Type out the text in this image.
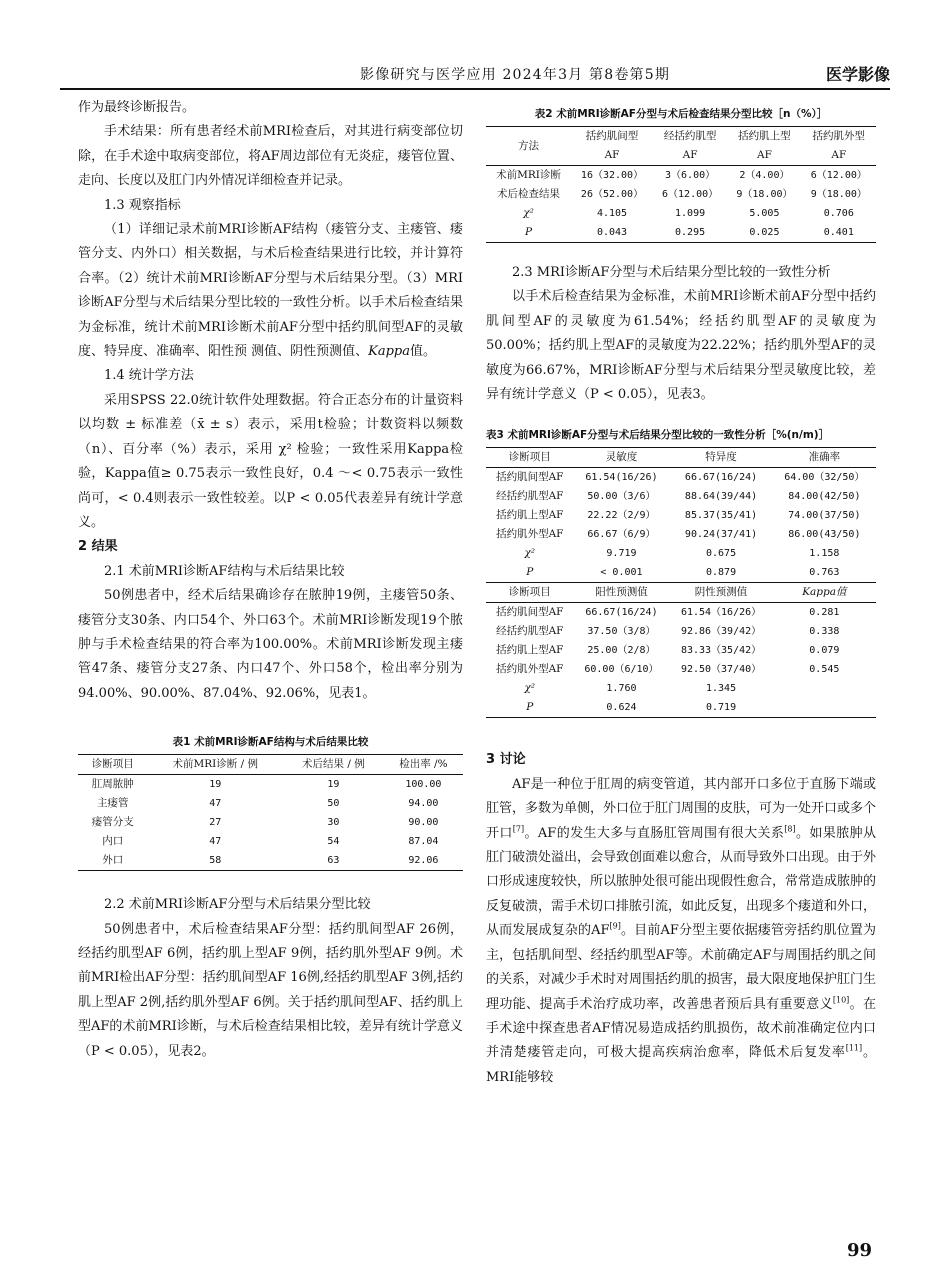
影像研究与医学应用 2024年3月 第8卷第5期	医学影像

作为最终诊断报告。

手术结果：所有患者经术前MRI检查后，对其进行病变部位切除，在手术途中取病变部位，将AF周边部位有无炎症，瘘管位置、走向、长度以及肛门内外情况详细检查并记录。

1.3 观察指标

（1）详细记录术前MRI诊断AF结构（瘘管分支、主瘘管、瘘管分支、内外口）相关数据，与术后检查结果进行比较，并计算符合率。（2）统计术前MRI诊断AF分型与术后结果分型。（3）MRI诊断AF分型与术后结果分型比较的一致性分析。以手术后检查结果为金标准，统计术前MRI诊断术前AF分型中括约肌间型AF的灵敏度、特异度、准确率、阳性预 测值、阴性预测值、Kappa值。

1.4 统计学方法

采用SPSS 22.0统计软件处理数据。符合正态分布的计量资料以均数 ± 标准差（x̄ ± s）表示，采用t检验；计数资料以频数（n）、百分率（%）表示，采用 χ² 检验；一致性采用Kappa检验，Kappa值≥ 0.75表示一致性良好，0.4 ～< 0.75表示一致性尚可，< 0.4则表示一致性较差。以P < 0.05代表差异有统计学意义。

2 结果

2.1 术前MRI诊断AF结构与术后结果比较

50例患者中，经术后结果确诊存在脓肿19例，主瘘管50条、瘘管分支30条、内口54个、外口63个。术前MRI诊断发现19个脓肿与手术检查结果的符合率为100.00%。术前MRI诊断发现主瘘管47条、瘘管分支27条、内口47个、外口58个，检出率分别为94.00%、90.00%、87.04%、92.06%，见表1。

表1 术前MRI诊断AF结构与术后结果比较
诊断项目	术前MRI诊断 / 例	术后结果 / 例	检出率 /%
肛周脓肿	19	19	100.00
主瘘管	47	50	94.00
瘘管分支	27	30	90.00
内口	47	54	87.04
外口	58	63	92.06

2.2 术前MRI诊断AF分型与术后结果分型比较

50例患者中，术后检查结果AF分型：括约肌间型AF 26例，经括约肌型AF 6例，括约肌上型AF 9例，括约肌外型AF 9例。术前MRI检出AF分型：括约肌间型AF 16例,经括约肌型AF 3例,括约肌上型AF 2例,括约肌外型AF 6例。关于括约肌间型AF、括约肌上型AF的术前MRI诊断，与术后检查结果相比较，差异有统计学意义（P < 0.05），见表2。

表2 术前MRI诊断AF分型与术后检查结果分型比较［n（%）］
方法	括约肌间型	经括约肌型	括约肌上型	括约肌外型
	AF	AF	AF	AF
术前MRI诊断	16（32.00）	3（6.00）	2（4.00）	6（12.00）
术后检查结果	26（52.00）	6（12.00）	9（18.00）	9（18.00）
χ²	4.105	1.099	5.005	0.706
P	0.043	0.295	0.025	0.401

2.3 MRI诊断AF分型与术后结果分型比较的一致性分析

以手术后检查结果为金标准，术前MRI诊断术前AF分型中括约肌间型AF的灵敏度为61.54%；经括约肌型AF的灵敏度为50.00%；括约肌上型AF的灵敏度为22.22%；括约肌外型AF的灵敏度为66.67%，MRI诊断AF分型与术后结果分型灵敏度比较，差异有统计学意义（P < 0.05），见表3。

表3 术前MRI诊断AF分型与术后结果分型比较的一致性分析［%(n/m)］
诊断项目	灵敏度	特异度	准确率
括约肌间型AF	61.54(16/26)	66.67(16/24)	64.00（32/50）
经括约肌型AF	50.00（3/6）	88.64(39/44)	84.00(42/50)
括约肌上型AF	22.22（2/9）	85.37(35/41)	74.00(37/50)
括约肌外型AF	66.67（6/9）	90.24(37/41)	86.00(43/50)
χ²	9.719	0.675	1.158
P	< 0.001	0.879	0.763
诊断项目	阳性预测值	阴性预测值	Kappa值
括约肌间型AF	66.67(16/24)	61.54（16/26）	0.281
经括约肌型AF	37.50（3/8）	92.86（39/42）	0.338
括约肌上型AF	25.00（2/8）	83.33（35/42）	0.079
括约肌外型AF	60.00（6/10）	92.50（37/40）	0.545
χ²	1.760	1.345	
P	0.624	0.719	

3 讨论

AF是一种位于肛周的病变管道，其内部开口多位于直肠下端或肛管，多数为单侧，外口位于肛门周围的皮肤，可为一处开口或多个开口[7]。AF的发生大多与直肠肛管周围有很大关系[8]。如果脓肿从肛门破溃处溢出，会导致创面难以愈合，从而导致外口出现。由于外口形成速度较快，所以脓肿处很可能出现假性愈合，常常造成脓肿的反复破溃，需手术切口排脓引流，如此反复，出现多个瘘道和外口，从而发展成复杂的AF[9]。目前AF分型主要依据瘘管旁括约肌位置为主，包括肌间型、经括约肌型AF等。术前确定AF与周围括约肌之间的关系，对减少手术时对周围括约肌的损害，最大限度地保护肛门生理功能、提高手术治疗成功率，改善患者预后具有重要意义[10]。在手术途中探查患者AF情况易造成括约肌损伤，故术前准确定位内口并清楚瘘管走向，可极大提高疾病治愈率，降低术后复发率[11]。MRI能够较

99
